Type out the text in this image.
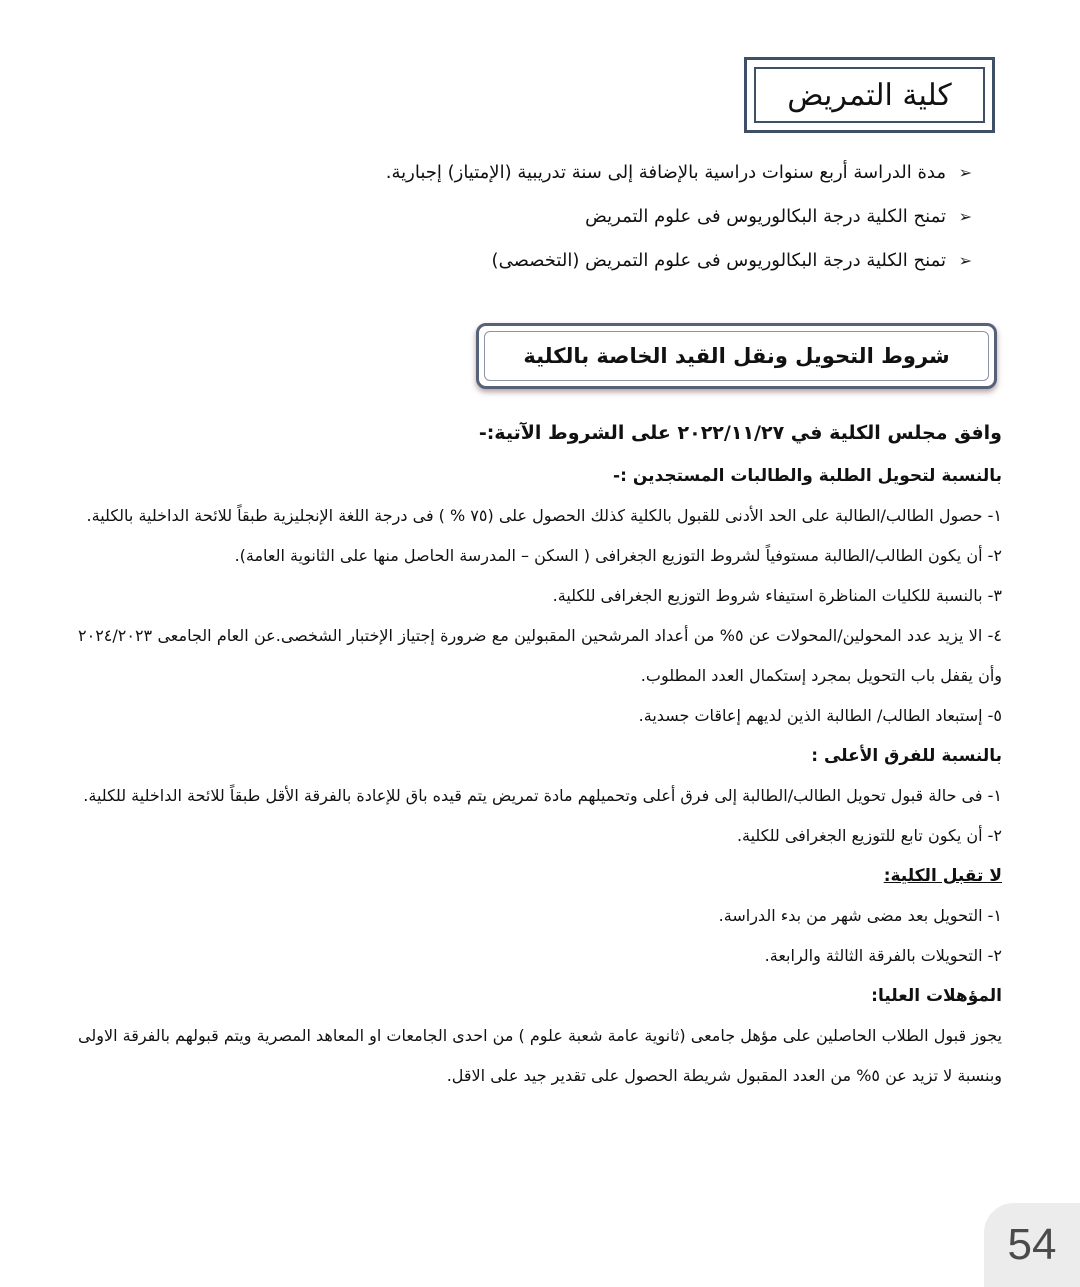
كلية التمريض
➢
مدة الدراسة أربع سنوات دراسية بالإضافة إلى سنة تدريبية (الإمتياز) إجبارية.
➢
تمنح الكلية درجة البكالوريوس فى علوم التمريض
➢
تمنح الكلية درجة البكالوريوس فى علوم التمريض (التخصصى)
شروط التحويل ونقل القيد الخاصة بالكلية
وافق مجلس الكلية في ٢٠٢٢/١١/٢٧ على الشروط الآتية:-
بالنسبة لتحويل الطلبة والطالبات المستجدين :-
١- حصول الطالب/الطالبة على الحد الأدنى للقبول بالكلية كذلك الحصول على (٧٥ % ) فى درجة اللغة الإنجليزية طبقاً للائحة الداخلية بالكلية.
٢- أن يكون الطالب/الطالبة مستوفياً لشروط التوزيع الجغرافى ( السكن – المدرسة الحاصل منها على الثانوية العامة).
٣- بالنسبة للكليات المناظرة استيفاء شروط التوزيع الجغرافى للكلية.
٤- الا يزيد عدد المحولين/المحولات عن ٥% من أعداد المرشحين المقبولين مع ضرورة إجتياز الإختبار الشخصى.عن العام الجامعى ٢٠٢٤/٢٠٢٣ وأن يقفل باب التحويل بمجرد إستكمال العدد المطلوب.
٥- إستبعاد الطالب/ الطالبة الذين لديهم إعاقات جسدية.
بالنسبة للفرق الأعلى :
١- فى حالة قبول تحويل الطالب/الطالبة إلى فرق أعلى وتحميلهم مادة تمريض يتم قيده باق للإعادة بالفرقة الأقل طبقاً للائحة الداخلية للكلية.
٢- أن يكون تابع للتوزيع الجغرافى للكلية.
لا تقبل الكلية:
١- التحويل بعد مضى شهر من بدء الدراسة.
٢- التحويلات بالفرقة الثالثة والرابعة.
المؤهلات العليا:
يجوز قبول الطلاب الحاصلين على مؤهل جامعى (ثانوية عامة شعبة علوم ) من احدى الجامعات او المعاهد المصرية ويتم قبولهم بالفرقة الاولى وبنسبة لا تزيد عن ٥% من العدد المقبول شريطة الحصول على تقدير جيد على الاقل.
54
